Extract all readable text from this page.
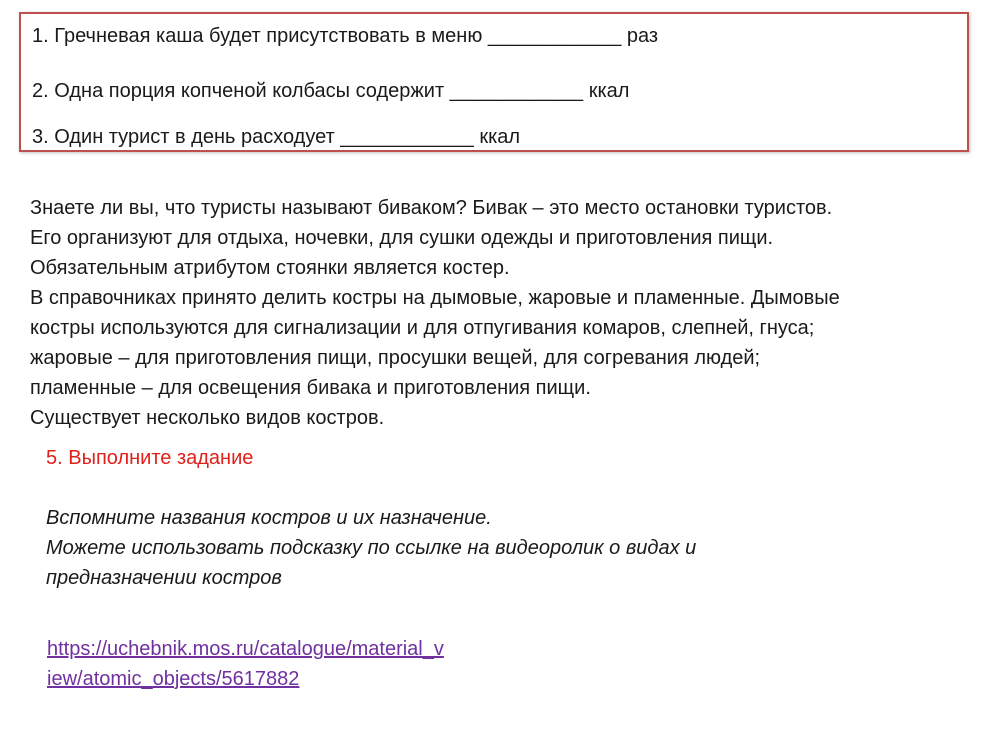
1. Гречневая каша будет присутствовать в меню ____________ раз
2. Одна порция копченой колбасы содержит ____________ ккал
3. Один турист в день расходует ____________ ккал

Знаете ли вы, что туристы называют биваком? Бивак – это место остановки туристов.
Его организуют для отдыха, ночевки, для сушки одежды и приготовления пищи.
Обязательным атрибутом стоянки является костер.
В справочниках принято делить костры на дымовые, жаровые и пламенные. Дымовые
костры используются для сигнализации и для отпугивания комаров, слепней, гнуса;
жаровые – для приготовления пищи, просушки вещей, для согревания людей;
пламенные – для освещения бивака и приготовления пищи.
Существует несколько видов костров.

5. Выполните задание
Вспомните названия костров и их назначение.
Можете использовать подсказку по ссылке на видеоролик о видах и
предназначении костров
https://uchebnik.mos.ru/catalogue/material_v
iew/atomic_objects/5617882
